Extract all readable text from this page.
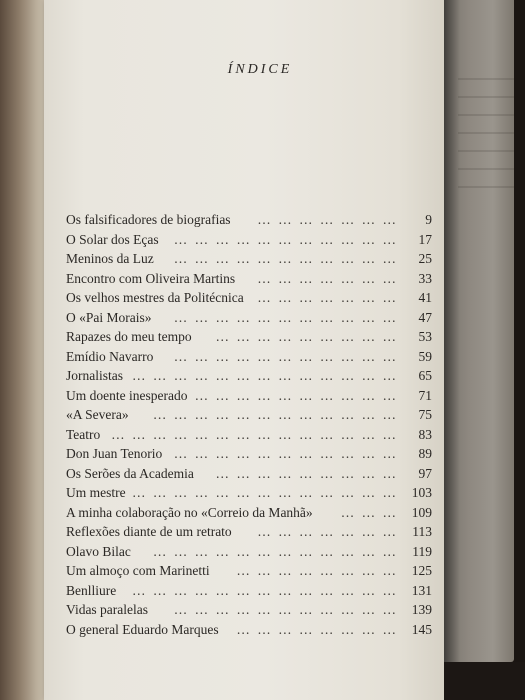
ÍNDICE
Os falsificadores de biografias … … … … … … …	9
O Solar dos Eças … … … … … … … … … … …	17
Meninos da Luz … … … … … … … … … … …	25
Encontro com Oliveira Martins … … … … … … …	33
Os velhos mestres da Politécnica … … … … … … …	41
O «Pai Morais» … … … … … … … … … … …	47
Rapazes do meu tempo … … … … … … … … …	53
Emídio Navarro … … … … … … … … … … …	59
Jornalistas … … … … … … … … … … … … …	65
Um doente inesperado … … … … … … … … … …	71
«A Severa» … … … … … … … … … … … …	75
Teatro … … … … … … … … … … … … … …	83
Don Juan Tenorio … … … … … … … … … … …	89
Os Serões da Academia … … … … … … … … …	97
Um mestre … … … … … … … … … … … … …	103
A minha colaboração no «Correio da Manhã» … … …	109
Reflexões diante de um retrato … … … … … … …	113
Olavo Bilac … … … … … … … … … … … …	119
Um almoço com Marinetti … … … … … … … …	125
Benlliure … … … … … … … … … … … … …	131
Vidas paralelas … … … … … … … … … … …	139
O general Eduardo Marques … … … … … … … …	145
